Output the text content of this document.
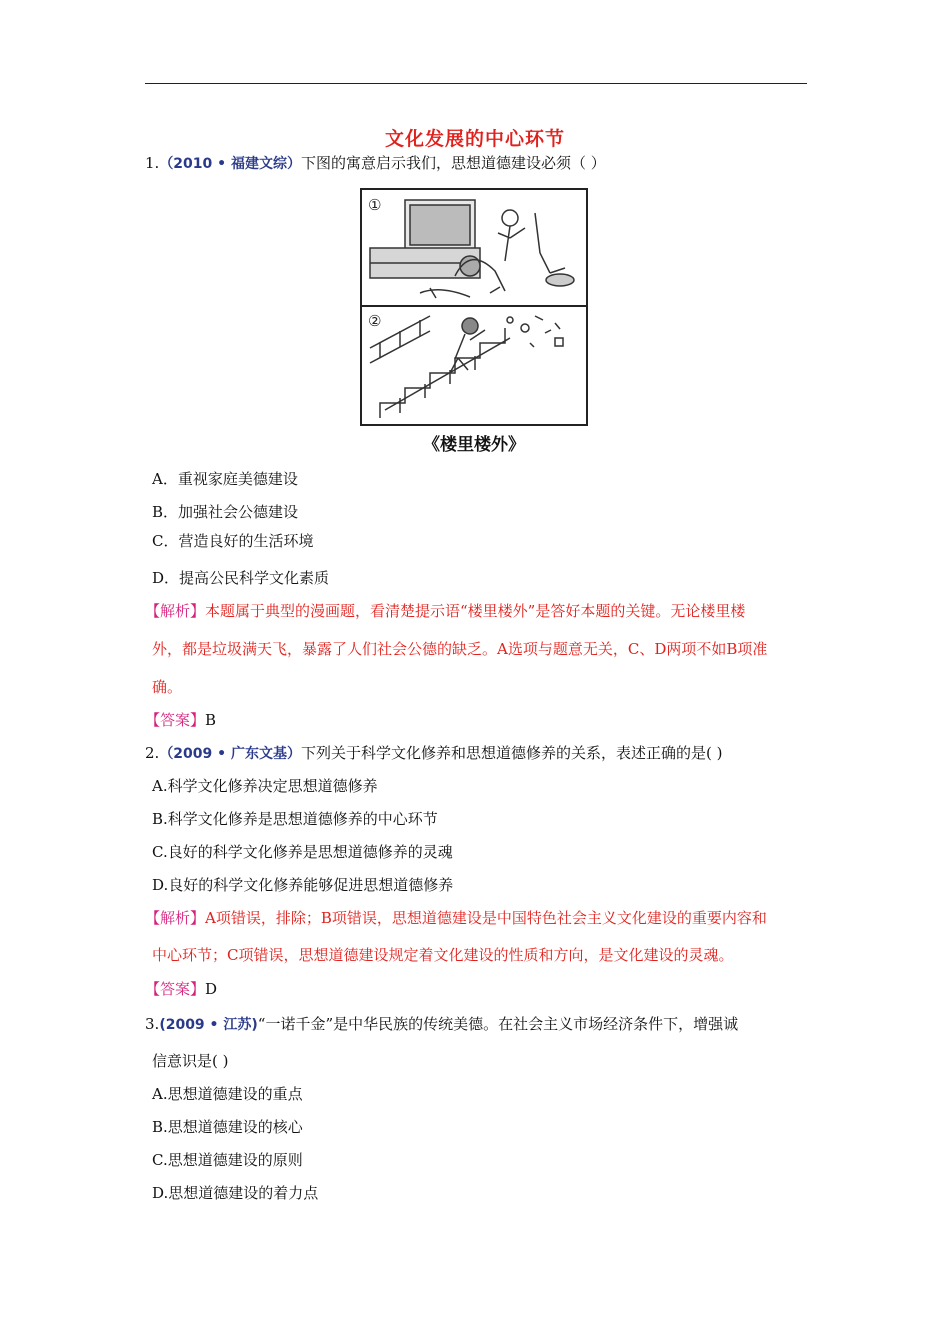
文化发展的中心环节
1.（2010 • 福建文综）下图的寓意启示我们，思想道德建设必须（ ）
①
②
《楼里楼外》
A．重视家庭美德建设
B．加强社会公德建设
C．营造良好的生活环境
D．提高公民科学文化素质
【解析】本题属于典型的漫画题，看清楚提示语“楼里楼外”是答好本题的关键。无论楼里楼
外，都是垃圾满天飞，暴露了人们社会公德的缺乏。A选项与题意无关，C、D两项不如B项准
确。
【答案】B
2.（2009 • 广东文基）下列关于科学文化修养和思想道德修养的关系，表述正确的是( )
A.科学文化修养决定思想道德修养
B.科学文化修养是思想道德修养的中心环节
C.良好的科学文化修养是思想道德修养的灵魂
D.良好的科学文化修养能够促进思想道德修养
【解析】A项错误，排除；B项错误，思想道德建设是中国特色社会主义文化建设的重要内容和
中心环节；C项错误，思想道德建设规定着文化建设的性质和方向，是文化建设的灵魂。
【答案】D
3.(2009 • 江苏)“一诺千金”是中华民族的传统美德。在社会主义市场经济条件下，增强诚
信意识是( )
A.思想道德建设的重点
B.思想道德建设的核心
C.思想道德建设的原则
D.思想道德建设的着力点
